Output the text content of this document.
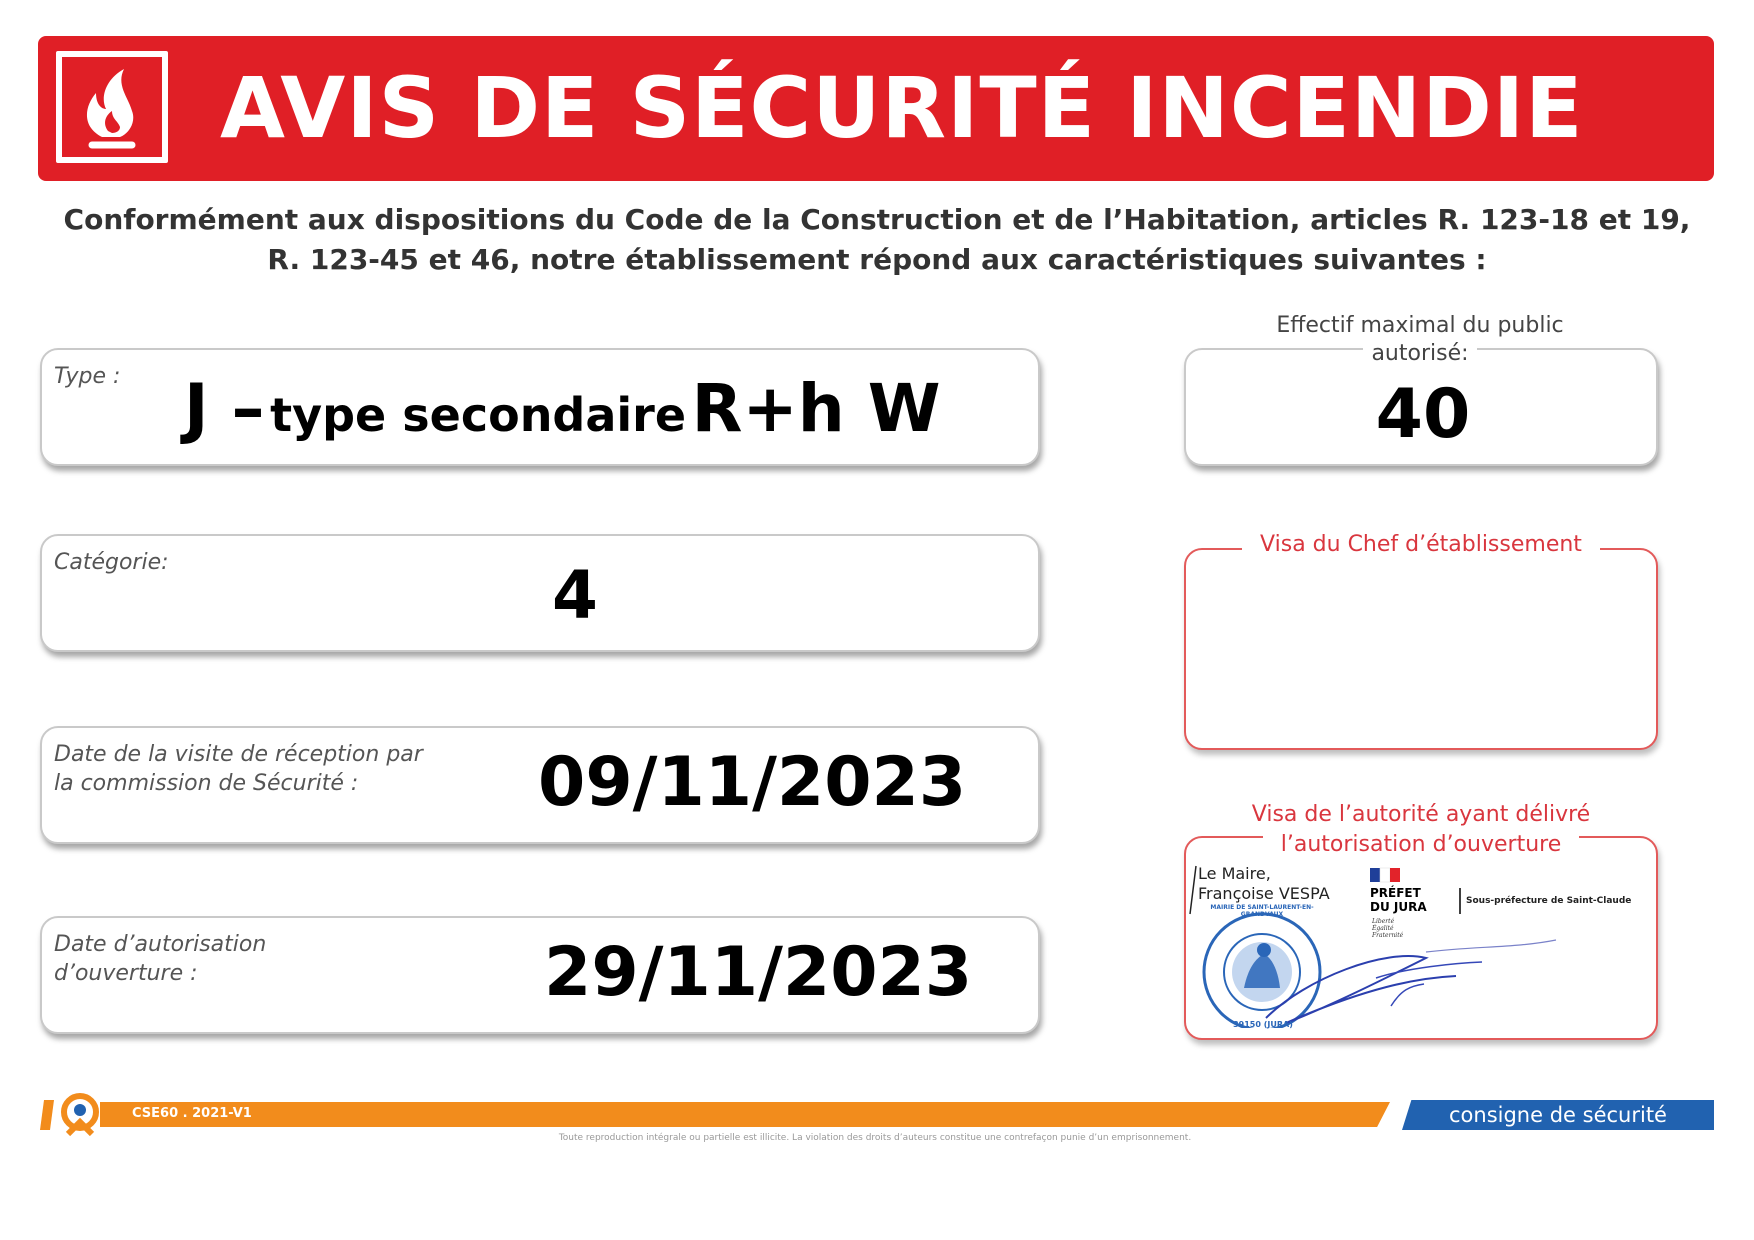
AVIS DE SÉCURITÉ INCENDIE
Conformément aux dispositions du Code de la Construction et de l’Habitation, articles R. 123-18 et 19,
R. 123-45 et 46, notre établissement répond aux caractéristiques suivantes :
Type : J – type secondaire R+h W
Catégorie:	4
Date de la visite de réception par
la commission de Sécurité :	09/11/2023
Date d’autorisation
d’ouverture :	29/11/2023
40
Effectif maximal du public
autorisé:
Visa du Chef d’établissement
Visa de l’autorité ayant délivré
l’autorisation d’ouverture
Le Maire,
Françoise VESPA	PRÉFET
DU JURA
Liberté
Égalité
Fraternité
Sous-préfecture de Saint-Claude
39150 (JURA)
MAIRIE DE SAINT-LAURENT-EN-GRANDVAUX
CSE60 . 2021-V1	consigne de sécurité
Toute reproduction intégrale ou partielle est illicite. La violation des droits d’auteurs constitue une contrefaçon punie d’un emprisonnement.
